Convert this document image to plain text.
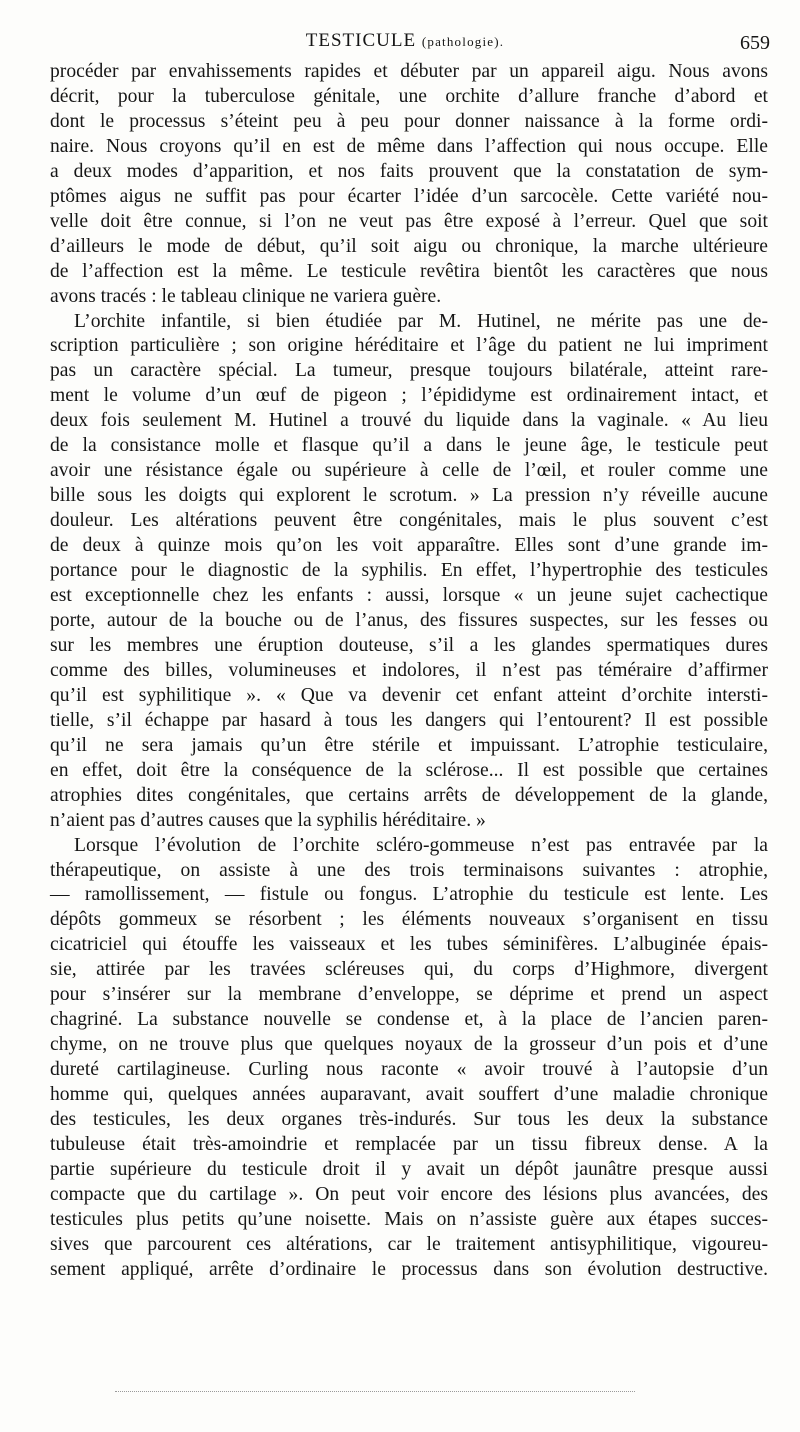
TESTICULE (pathologie).	659

procéder par envahissements rapides et débuter par un appareil aigu. Nous avons

décrit, pour la tuberculose génitale, une orchite d’allure franche d’abord et

dont le processus s’éteint peu à peu pour donner naissance à la forme ordi-

naire. Nous croyons qu’il en est de même dans l’affection qui nous occupe. Elle

a deux modes d’apparition, et nos faits prouvent que la constatation de sym-

ptômes aigus ne suffit pas pour écarter l’idée d’un sarcocèle. Cette variété nou-

velle doit être connue, si l’on ne veut pas être exposé à l’erreur. Quel que soit

d’ailleurs le mode de début, qu’il soit aigu ou chronique, la marche ultérieure

de l’affection est la même. Le testicule revêtira bientôt les caractères que nous

avons tracés : le tableau clinique ne variera guère.

L’orchite infantile, si bien étudiée par M. Hutinel, ne mérite pas une de-

scription particulière ; son origine héréditaire et l’âge du patient ne lui impriment

pas un caractère spécial. La tumeur, presque toujours bilatérale, atteint rare-

ment le volume d’un œuf de pigeon ; l’épididyme est ordinairement intact, et

deux fois seulement M. Hutinel a trouvé du liquide dans la vaginale. « Au lieu

de la consistance molle et flasque qu’il a dans le jeune âge, le testicule peut

avoir une résistance égale ou supérieure à celle de l’œil, et rouler comme une

bille sous les doigts qui explorent le scrotum. » La pression n’y réveille aucune

douleur. Les altérations peuvent être congénitales, mais le plus souvent c’est

de deux à quinze mois qu’on les voit apparaître. Elles sont d’une grande im-

portance pour le diagnostic de la syphilis. En effet, l’hypertrophie des testicules

est exceptionnelle chez les enfants : aussi, lorsque « un jeune sujet cachectique

porte, autour de la bouche ou de l’anus, des fissures suspectes, sur les fesses ou

sur les membres une éruption douteuse, s’il a les glandes spermatiques dures

comme des billes, volumineuses et indolores, il n’est pas téméraire d’affirmer

qu’il est syphilitique ». « Que va devenir cet enfant atteint d’orchite intersti-

tielle, s’il échappe par hasard à tous les dangers qui l’entourent? Il est possible

qu’il ne sera jamais qu’un être stérile et impuissant. L’atrophie testiculaire,

en effet, doit être la conséquence de la sclérose... Il est possible que certaines

atrophies dites congénitales, que certains arrêts de développement de la glande,

n’aient pas d’autres causes que la syphilis héréditaire. »

Lorsque l’évolution de l’orchite scléro-gommeuse n’est pas entravée par la

thérapeutique, on assiste à une des trois terminaisons suivantes : atrophie,

— ramollissement, — fistule ou fongus. L’atrophie du testicule est lente. Les

dépôts gommeux se résorbent ; les éléments nouveaux s’organisent en tissu

cicatriciel qui étouffe les vaisseaux et les tubes séminifères. L’albuginée épais-

sie, attirée par les travées scléreuses qui, du corps d’Highmore, divergent

pour s’insérer sur la membrane d’enveloppe, se déprime et prend un aspect

chagriné. La substance nouvelle se condense et, à la place de l’ancien paren-

chyme, on ne trouve plus que quelques noyaux de la grosseur d’un pois et d’une

dureté cartilagineuse. Curling nous raconte « avoir trouvé à l’autopsie d’un

homme qui, quelques années auparavant, avait souffert d’une maladie chronique

des testicules, les deux organes très-indurés. Sur tous les deux la substance

tubuleuse était très-amoindrie et remplacée par un tissu fibreux dense. A la

partie supérieure du testicule droit il y avait un dépôt jaunâtre presque aussi

compacte que du cartilage ». On peut voir encore des lésions plus avancées, des

testicules plus petits qu’une noisette. Mais on n’assiste guère aux étapes succes-

sives que parcourent ces altérations, car le traitement antisyphilitique, vigoureu-

sement appliqué, arrête d’ordinaire le processus dans son évolution destructive.
